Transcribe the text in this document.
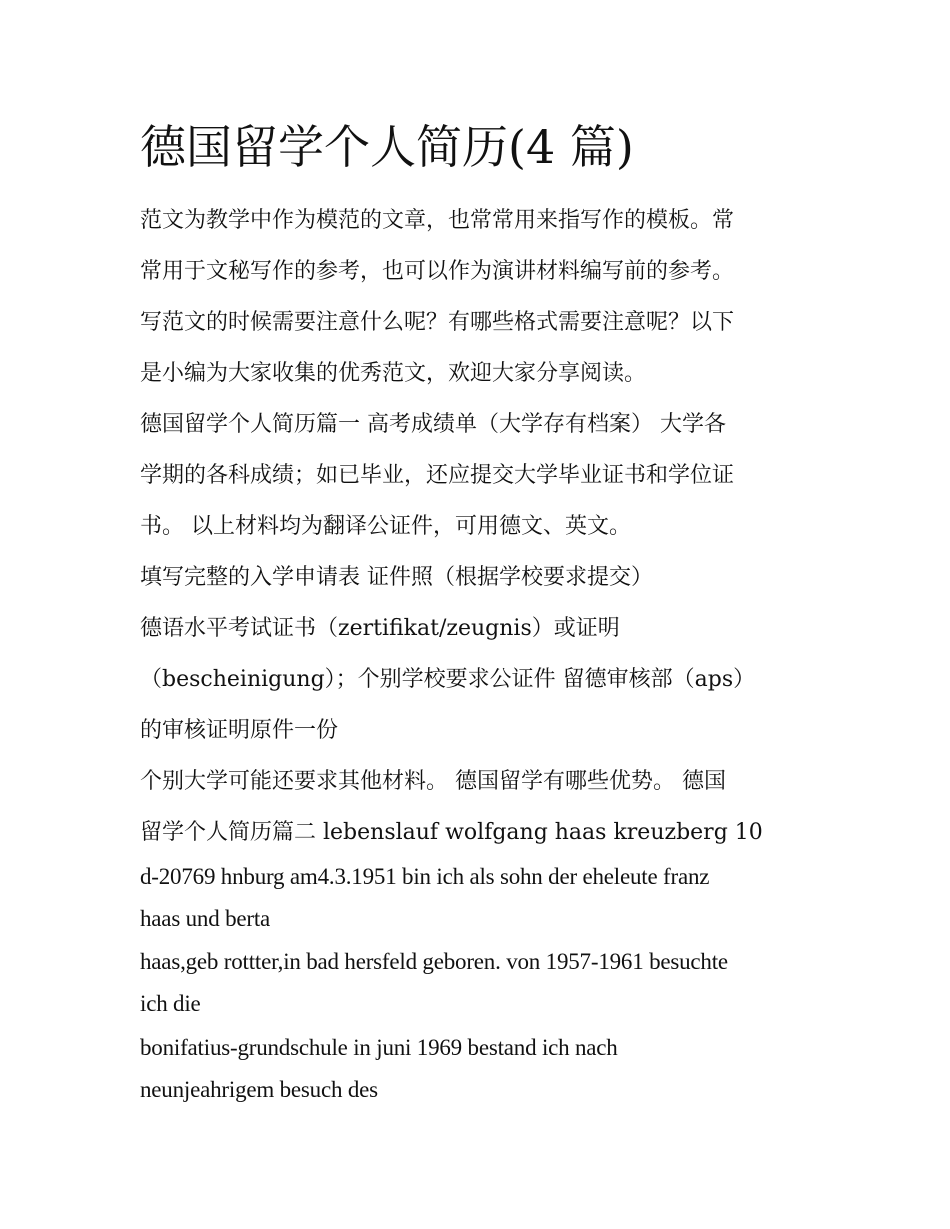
德国留学个人简历(4 篇)

范文为教学中作为模范的文章，也常常用来指写作的模板。常

常用于文秘写作的参考，也可以作为演讲材料编写前的参考。

写范文的时候需要注意什么呢？有哪些格式需要注意呢？以下

是小编为大家收集的优秀范文，欢迎大家分享阅读。

德国留学个人简历篇一 高考成绩单（大学存有档案） 大学各

学期的各科成绩；如已毕业，还应提交大学毕业证书和学位证

书。 以上材料均为翻译公证件，可用德文、英文。

填写完整的入学申请表 证件照（根据学校要求提交）

德语水平考试证书（zertifikat/zeugnis）或证明

（bescheinigung）；个别学校要求公证件 留德审核部（aps）

的审核证明原件一份

个别大学可能还要求其他材料。 德国留学有哪些优势。 德国

留学个人简历篇二 lebenslauf wolfgang haas kreuzberg 10

d-20769 hnburg am4.3.1951 bin ich als sohn der eheleute franz

haas und berta

haas,geb rottter,in bad hersfeld geboren. von 1957-1961 besuchte

ich die

bonifatius-grundschule in juni 1969 bestand ich nach

neunjeahrigem besuch des
